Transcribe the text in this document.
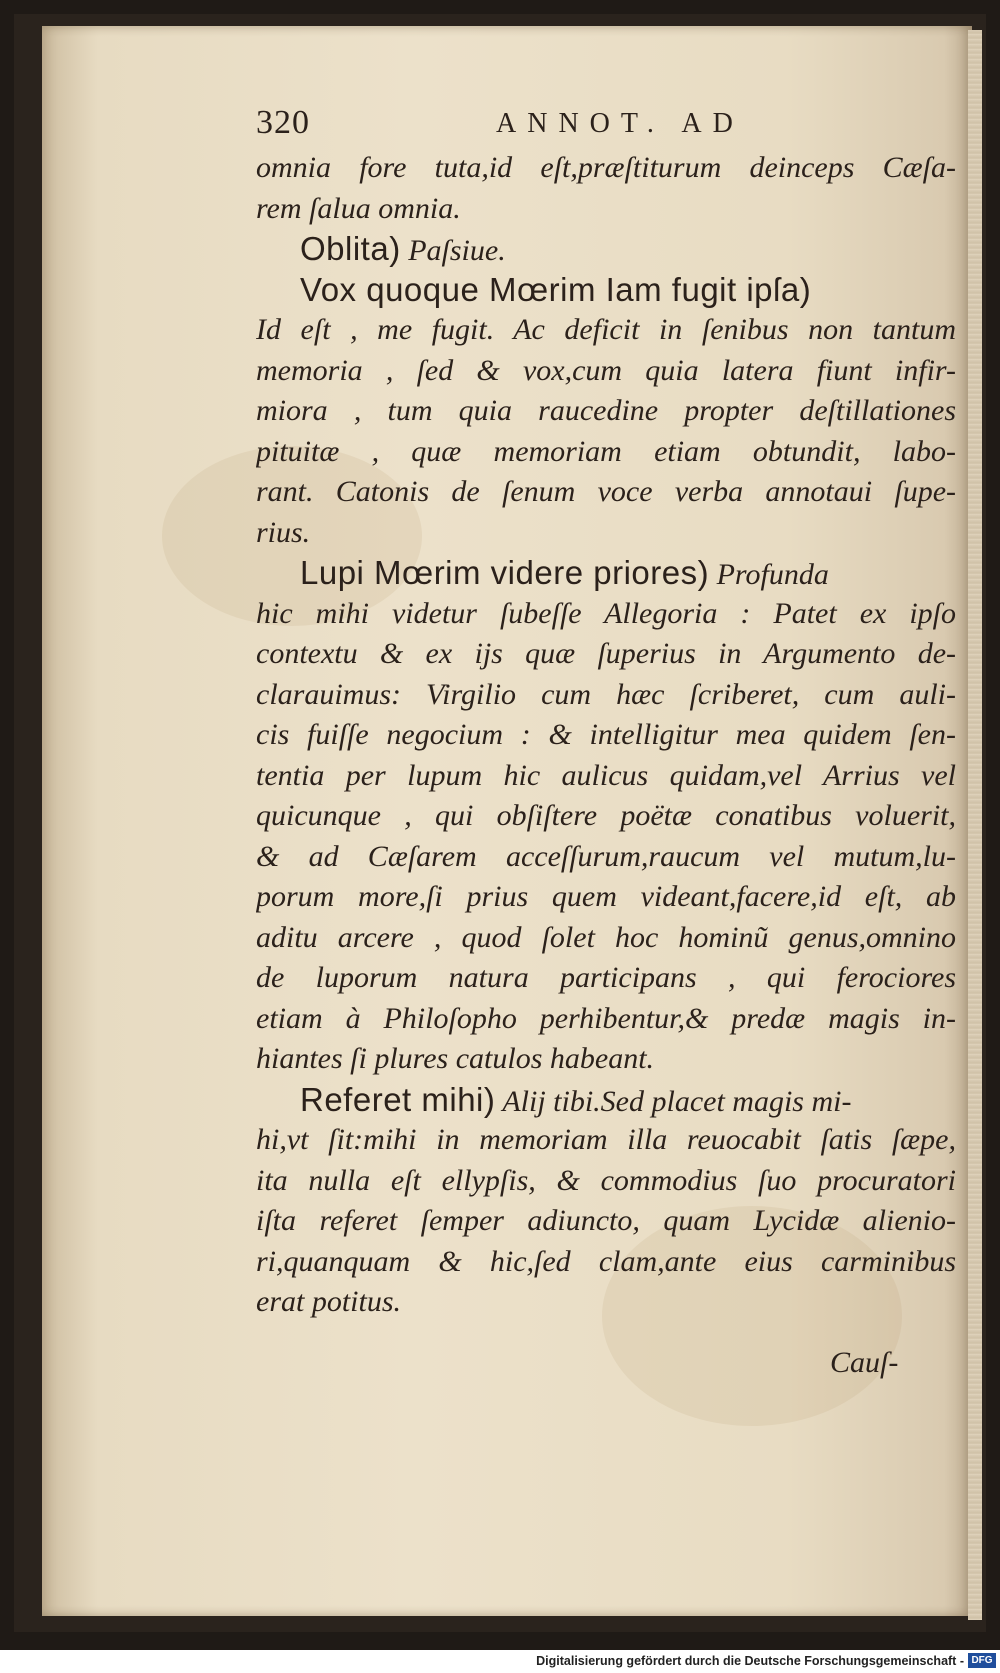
320	ANNOT. AD
omnia fore tuta,id eſt,præſtiturum deinceps Cæſa-
rem ſalua omnia.
Oblita) Paſsiue.
Vox quoque Mœrim Iam fugit ipſa)
Id eſt , me fugit. Ac deficit in ſenibus non tantum
memoria , ſed & vox,cum quia latera fiunt infir-
miora , tum quia raucedine propter deſtillationes
pituitæ , quæ memoriam etiam obtundit, labo-
rant. Catonis de ſenum voce verba annotaui ſupe-
rius.
Lupi Mœrim videre priores) Profunda
hic mihi videtur ſubeſſe Allegoria : Patet ex ipſo
contextu & ex ijs quæ ſuperius in Argumento de-
clarauimus: Virgilio cum hæc ſcriberet, cum auli-
cis fuiſſe negocium : & intelligitur mea quidem ſen-
tentia per lupum hic aulicus quidam,vel Arrius vel
quicunque , qui obſiſtere poëtæ conatibus voluerit,
& ad Cæſarem acceſſurum,raucum vel mutum,lu-
porum more,ſi prius quem videant,facere,id eſt, ab
aditu arcere , quod ſolet hoc hominũ genus,omnino
de luporum natura participans , qui ferociores
etiam à Philoſopho perhibentur,& predæ magis in-
hiantes ſi plures catulos habeant.
Referet mihi) Alij tibi.Sed placet magis mi-
hi,vt ſit:mihi in memoriam illa reuocabit ſatis ſæpe,
ita nulla eſt ellypſis, & commodius ſuo procuratori
iſta referet ſemper adiuncto, quam Lycidæ alienio-
ri,quanquam & hic,ſed clam,ante eius carminibus
erat potitus.
Cauſ-
Digitalisierung gefördert durch die Deutsche Forschungsgemeinschaft - DFG
